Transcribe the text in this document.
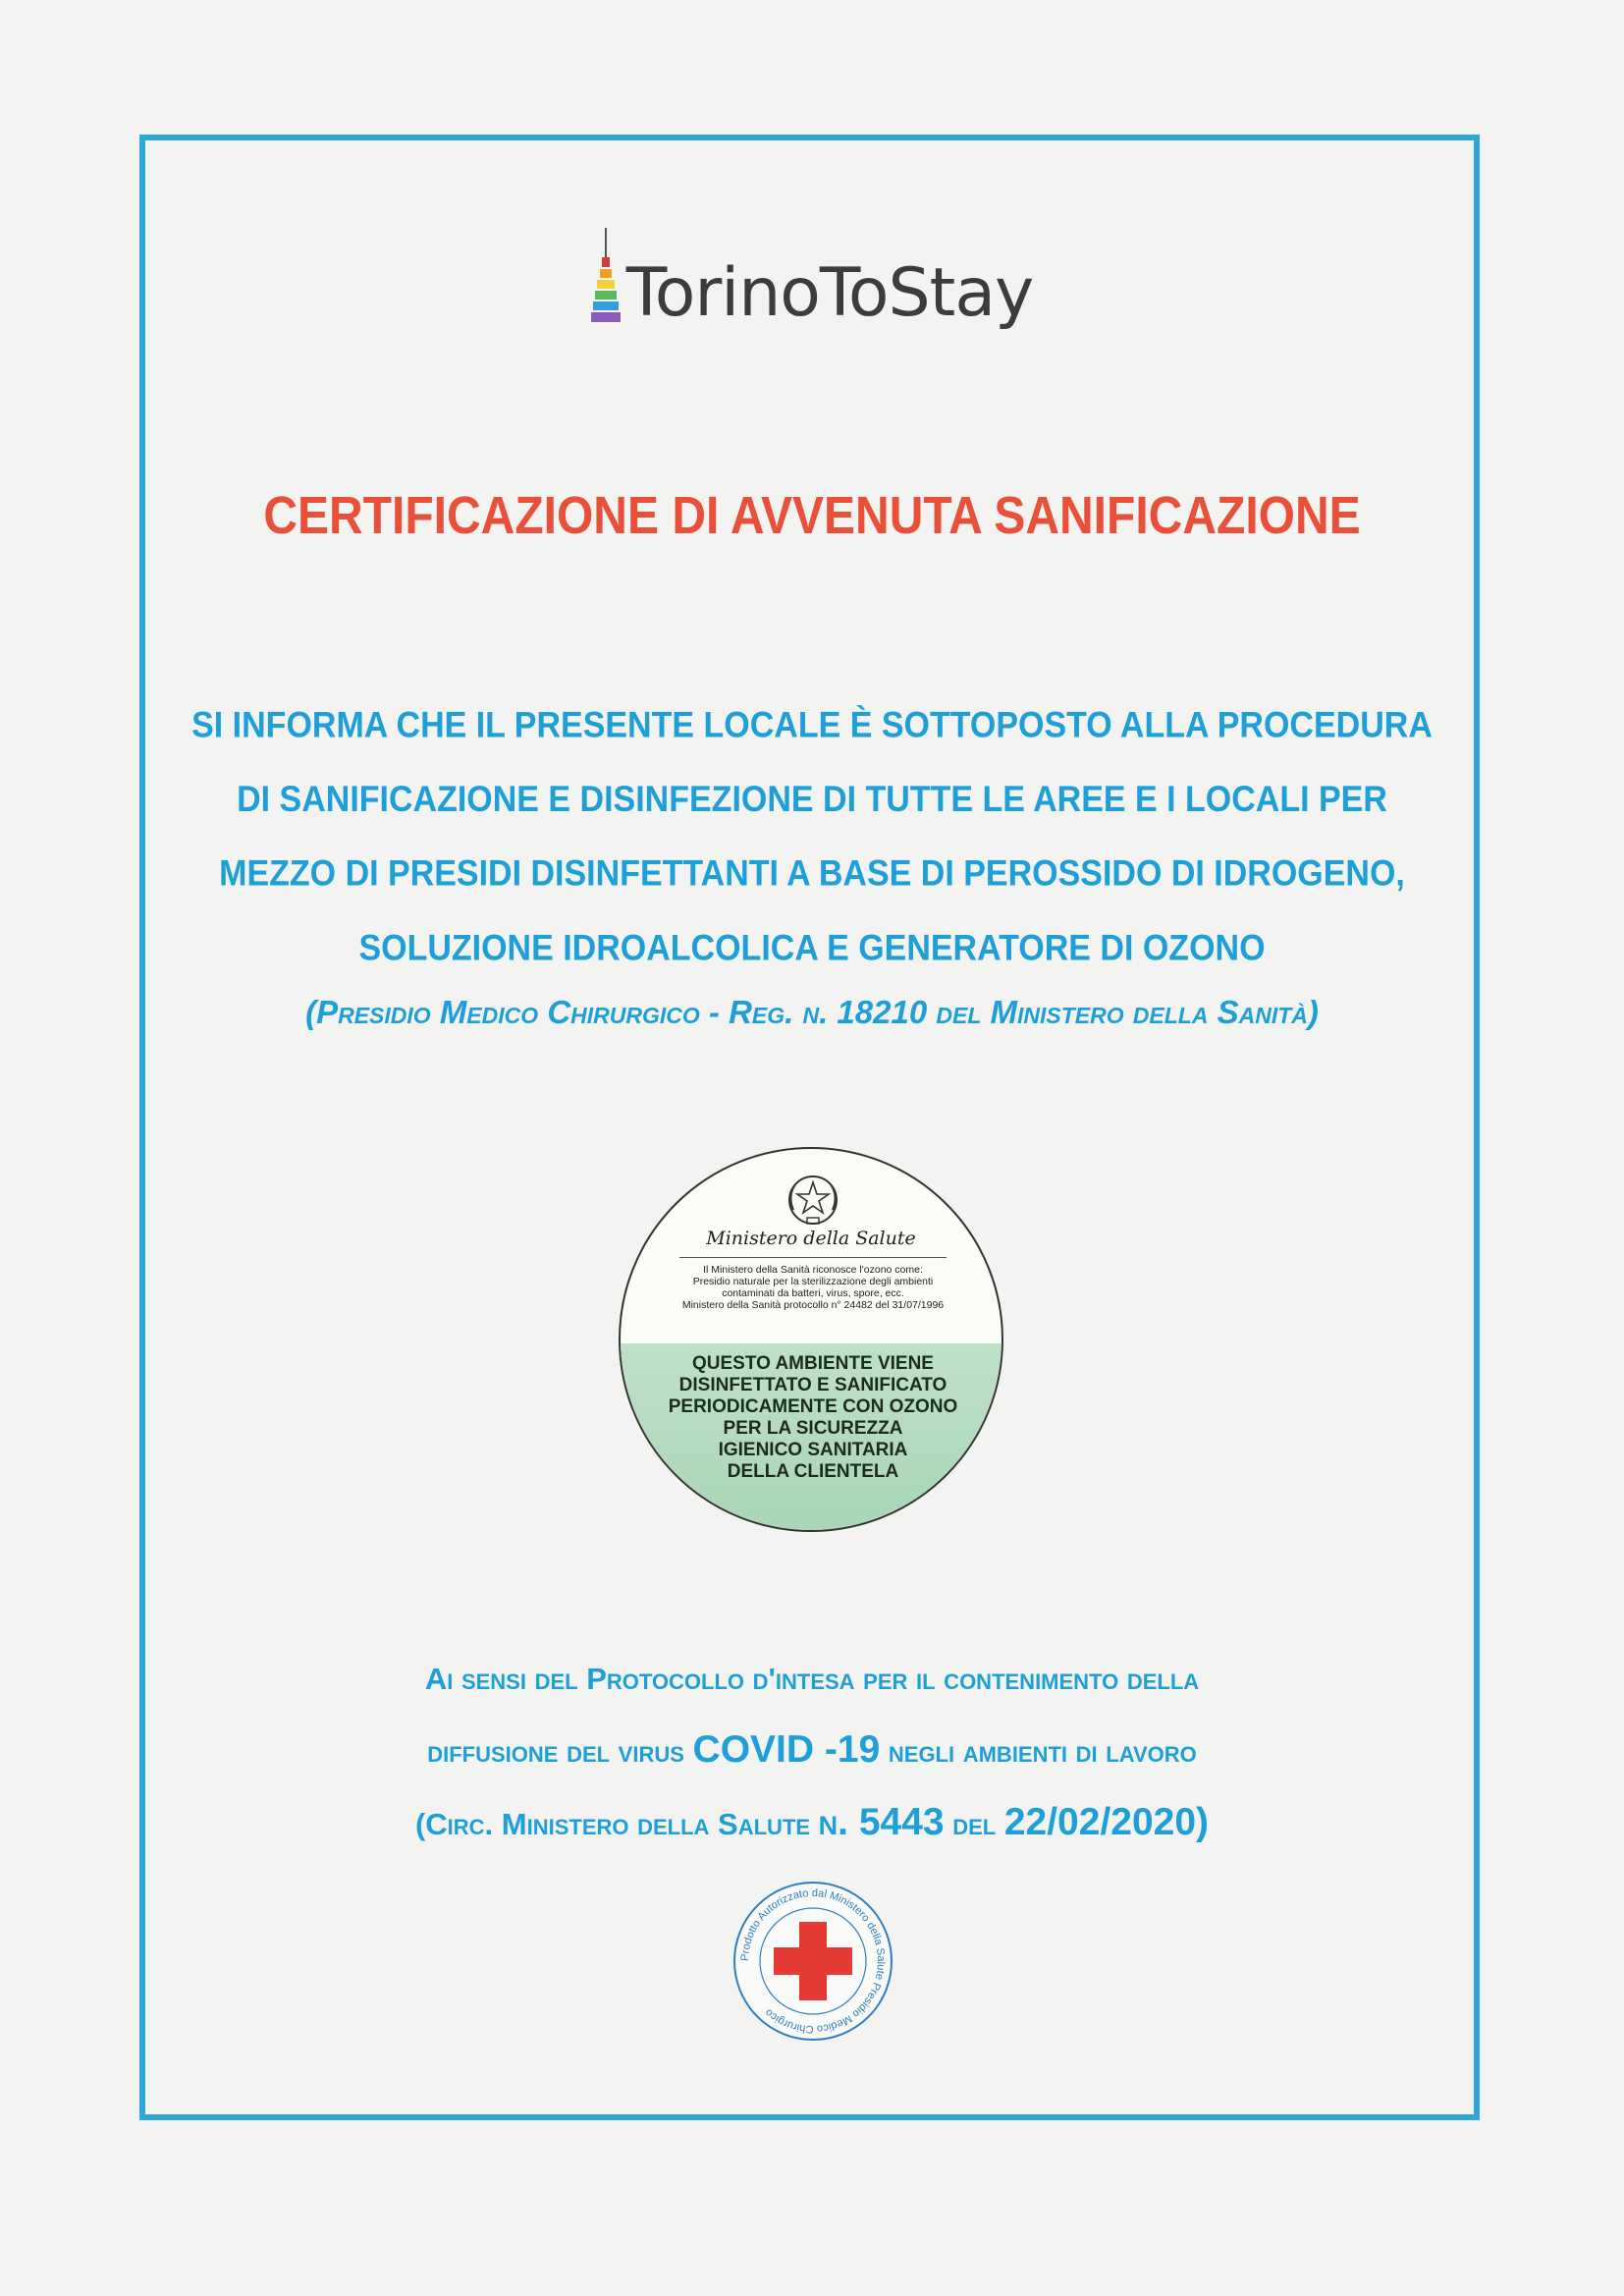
TorinoToStay
CERTIFICAZIONE DI AVVENUTA SANIFICAZIONE
SI INFORMA CHE IL PRESENTE LOCALE È SOTTOPOSTO ALLA PROCEDURA
DI SANIFICAZIONE E DISINFEZIONE DI TUTTE LE AREE E I LOCALI PER
MEZZO DI PRESIDI DISINFETTANTI A BASE DI PEROSSIDO DI IDROGENO,
SOLUZIONE IDROALCOLICA E GENERATORE DI OZONO
(Presidio Medico Chirurgico - Reg. n. 18210 del Ministero della Sanità)
Ministero della Salute
Il Ministero della Sanità riconosce l'ozono come:
Presidio naturale per la sterilizzazione degli ambienti
contaminati da batteri, virus, spore, ecc.
Ministero della Sanità protocollo n° 24482 del 31/07/1996
QUESTO AMBIENTE VIENE
DISINFETTATO E SANIFICATO
PERIODICAMENTE CON OZONO
PER LA SICUREZZA
IGIENICO SANITARIA
DELLA CLIENTELA
Ai sensi del Protocollo d'intesa per il contenimento della
diffusione del virus COVID -19 negli ambienti di lavoro
(Circ. Ministero della Salute n. 5443 del 22/02/2020)
Prodotto Autorizzato dal Ministero della Salute Presidio Medico Chirurgico
